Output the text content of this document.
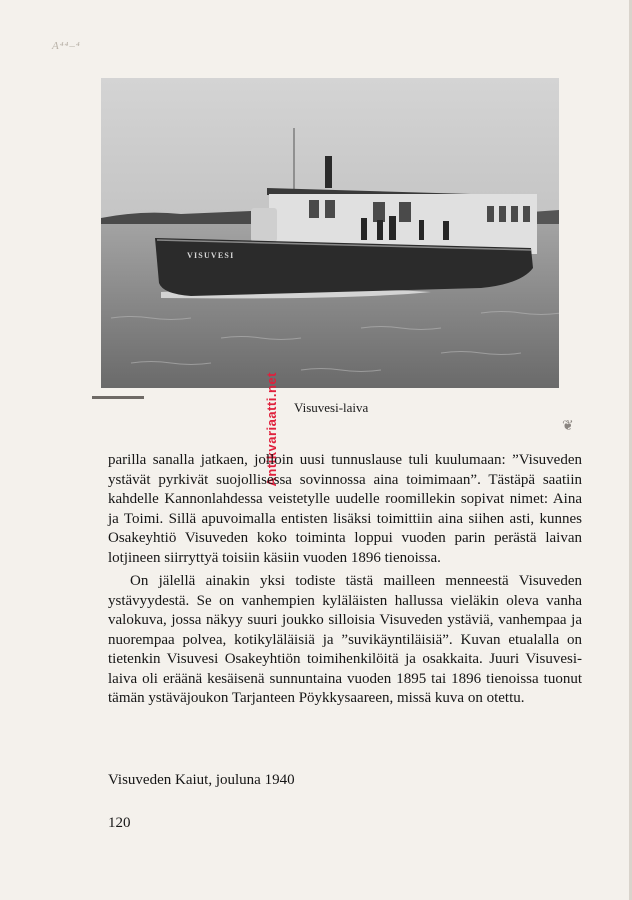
A⁴⁴–⁴
VISUVESI
Visuvesi-laiva
❦
Antikvariaatti.net

parilla sanalla jatkaen, jolloin uusi tunnuslause tuli kuulumaan: ”Visuveden ystävät pyrkivät suojollisessa sovinnossa aina toimimaan”. Tästäpä saatiin kahdelle Kannonlahdessa veistetylle uudelle roomillekin sopivat nimet: Aina ja Toimi. Sillä apuvoimalla entisten lisäksi toimittiin aina siihen asti, kunnes Osakeyhtiö Visuveden koko toiminta loppui vuoden parin perästä laivan lotjineen siirryttyä toisiin käsiin vuoden 1896 tienoissa.

On jälellä ainakin yksi todiste tästä mailleen menneestä Visuveden ystävyydestä. Se on vanhempien kyläläisten hallussa vieläkin oleva vanha valokuva, jossa näkyy suuri joukko silloisia Visuveden ystäviä, vanhempaa ja nuorempaa polvea, kotikyläläisiä ja ”suvikäyntiläisiä”. Kuvan etualalla on tietenkin Visuvesi Osakeyhtiön toimihenkilöitä ja osakkaita. Juuri Visuvesi-laiva oli eräänä kesäisenä sunnuntaina vuoden 1895 tai 1896 tienoissa tuonut tämän ystäväjoukon Tarjanteen Pöykkysaareen, missä kuva on otettu.

Visuveden Kaiut, jouluna 1940
120
